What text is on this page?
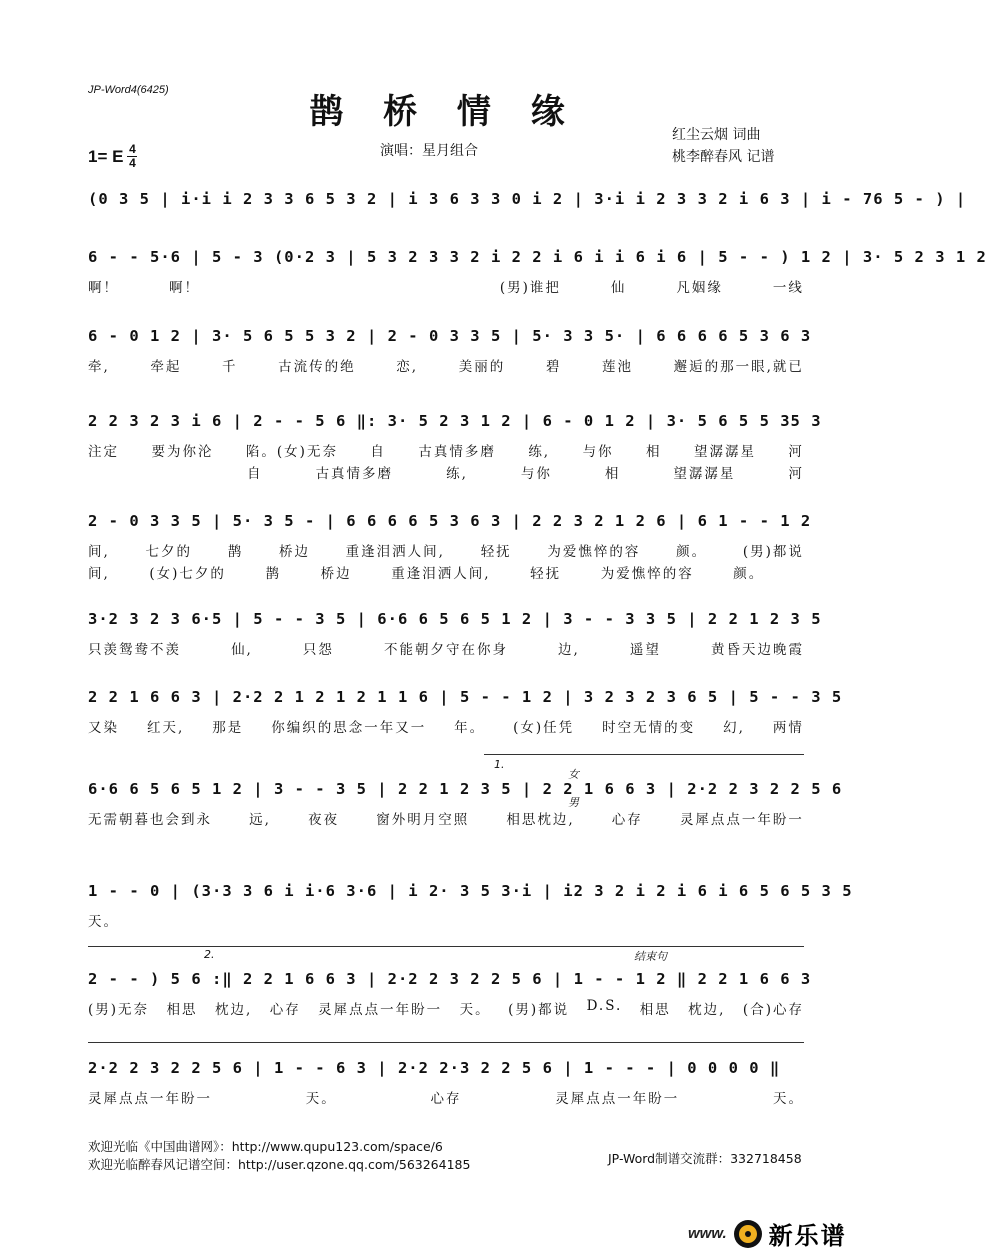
JP-Word4(6425)
鹊 桥 情 缘
1= E $\frac{4}{4}$	演唱：星月组合
红尘云烟 词曲
桃李醉春风 记谱
(0 3 5 | i·i i 2 3 3 6 5 3 2 | i 3 6 3 3 0 i 2 | 3·i i 2 3 3 2 i 6 3 | i - 76 5 - ) |
6 - - 5·6 | 5 - 3 (0·2 3 | 5 3 2 3 3 2 i 2 2 i 6 i i 6 i 6 | 5 - - ) 1 2 | 3· 5 2 3 1 2
啊！	啊！	(男)谁把	仙	凡姻缘	一线
6 - 0 1 2 | 3· 5 6 5 5 3 2 | 2 - 0 3 3 5 | 5· 3 3 5· | 6 6 6 6 5 3 6 3
牵,	牵起	千	古流传的绝	恋,	美丽的	碧	莲池	邂逅的那一眼,就已
2 2 3 2 3 i 6 | 2 - - 5 6 ‖: 3· 5 2 3 1 2 | 6 - 0 1 2 | 3· 5 6 5 5 35 3
注定 要为你沦 陷。(女)无奈 自 古真情多磨 练, 与你 相 望潺潺星 河
自	古真情多磨	练,	与你	相	望潺潺星	河
2 - 0 3 3 5 | 5· 3 5 - | 6 6 6 6 5 3 6 3 | 2 2 3 2 1 2 6 | 6 1 - - 1 2
间,	七夕的	鹊	桥边	重逢泪洒人间,	轻抚	为爱憔悴的容	颜。	(男)都说
间,	(女)七夕的	鹊	桥边	重逢泪洒人间,	轻抚	为爱憔悴的容	颜。
3·2 3 2 3 6·5 | 5 - - 3 5 | 6·6 6 5 6 5 1 2 | 3 - - 3 3 5 | 2 2 1 2 3 5
只羡鸳鸯不羡	仙,	只怨	不能朝夕守在你身	边,	遥望	黄昏天边晚霞
2 2 1 6 6 3 | 2·2 2 1 2 1 2 1 1 6 | 5 - - 1 2 | 3 2 3 2 3 6 5 | 5 - - 3 5
又染 红天, 那是 你编织的思念一年又一 年。 (女)任凭 时空无情的变 幻, 两情
6·6 6 5 6 5 1 2 | 3 - - 3 5 | 2 2 1 2 3 5 | 2 2 1 6 6 3 | 2·2 2 3 2 2 5 6
无需朝暮也会到永	远,	夜夜	窗外明月空照	相思枕边,	心存	灵犀点点一年盼一
1 - - 0 | (3·3 3 6 i i·6 3·6 | i 2· 3 5 3·i | i2 3 2 i 2 i 6 i 6 5 6 5 3 5
天。
2 - - ) 5 6 :‖ 2 2 1 6 6 3 | 2·2 2 3 2 2 5 6 | 1 - - 1 2 ‖ 2 2 1 6 6 3
(男)无奈 相思 枕边, 心存 灵犀点点一年盼一 天。 (男)都说 D.S. 相思 枕边, (合)心存
2·2 2 3 2 2 5 6 | 1 - - 6 3 | 2·2 2·3 2 2 5 6 | 1 - - - | 0 0 0 0 ‖
灵犀点点一年盼一	天。	心存	灵犀点点一年盼一	天。
欢迎光临《中国曲谱网》：http://www.qupu123.com/space/6
欢迎光临醉春风记谱空间：http://user.qzone.qq.com/563264185	JP-Word制谱交流群：332718458
www. 新乐谱
1.
2.	结束句
女
男
